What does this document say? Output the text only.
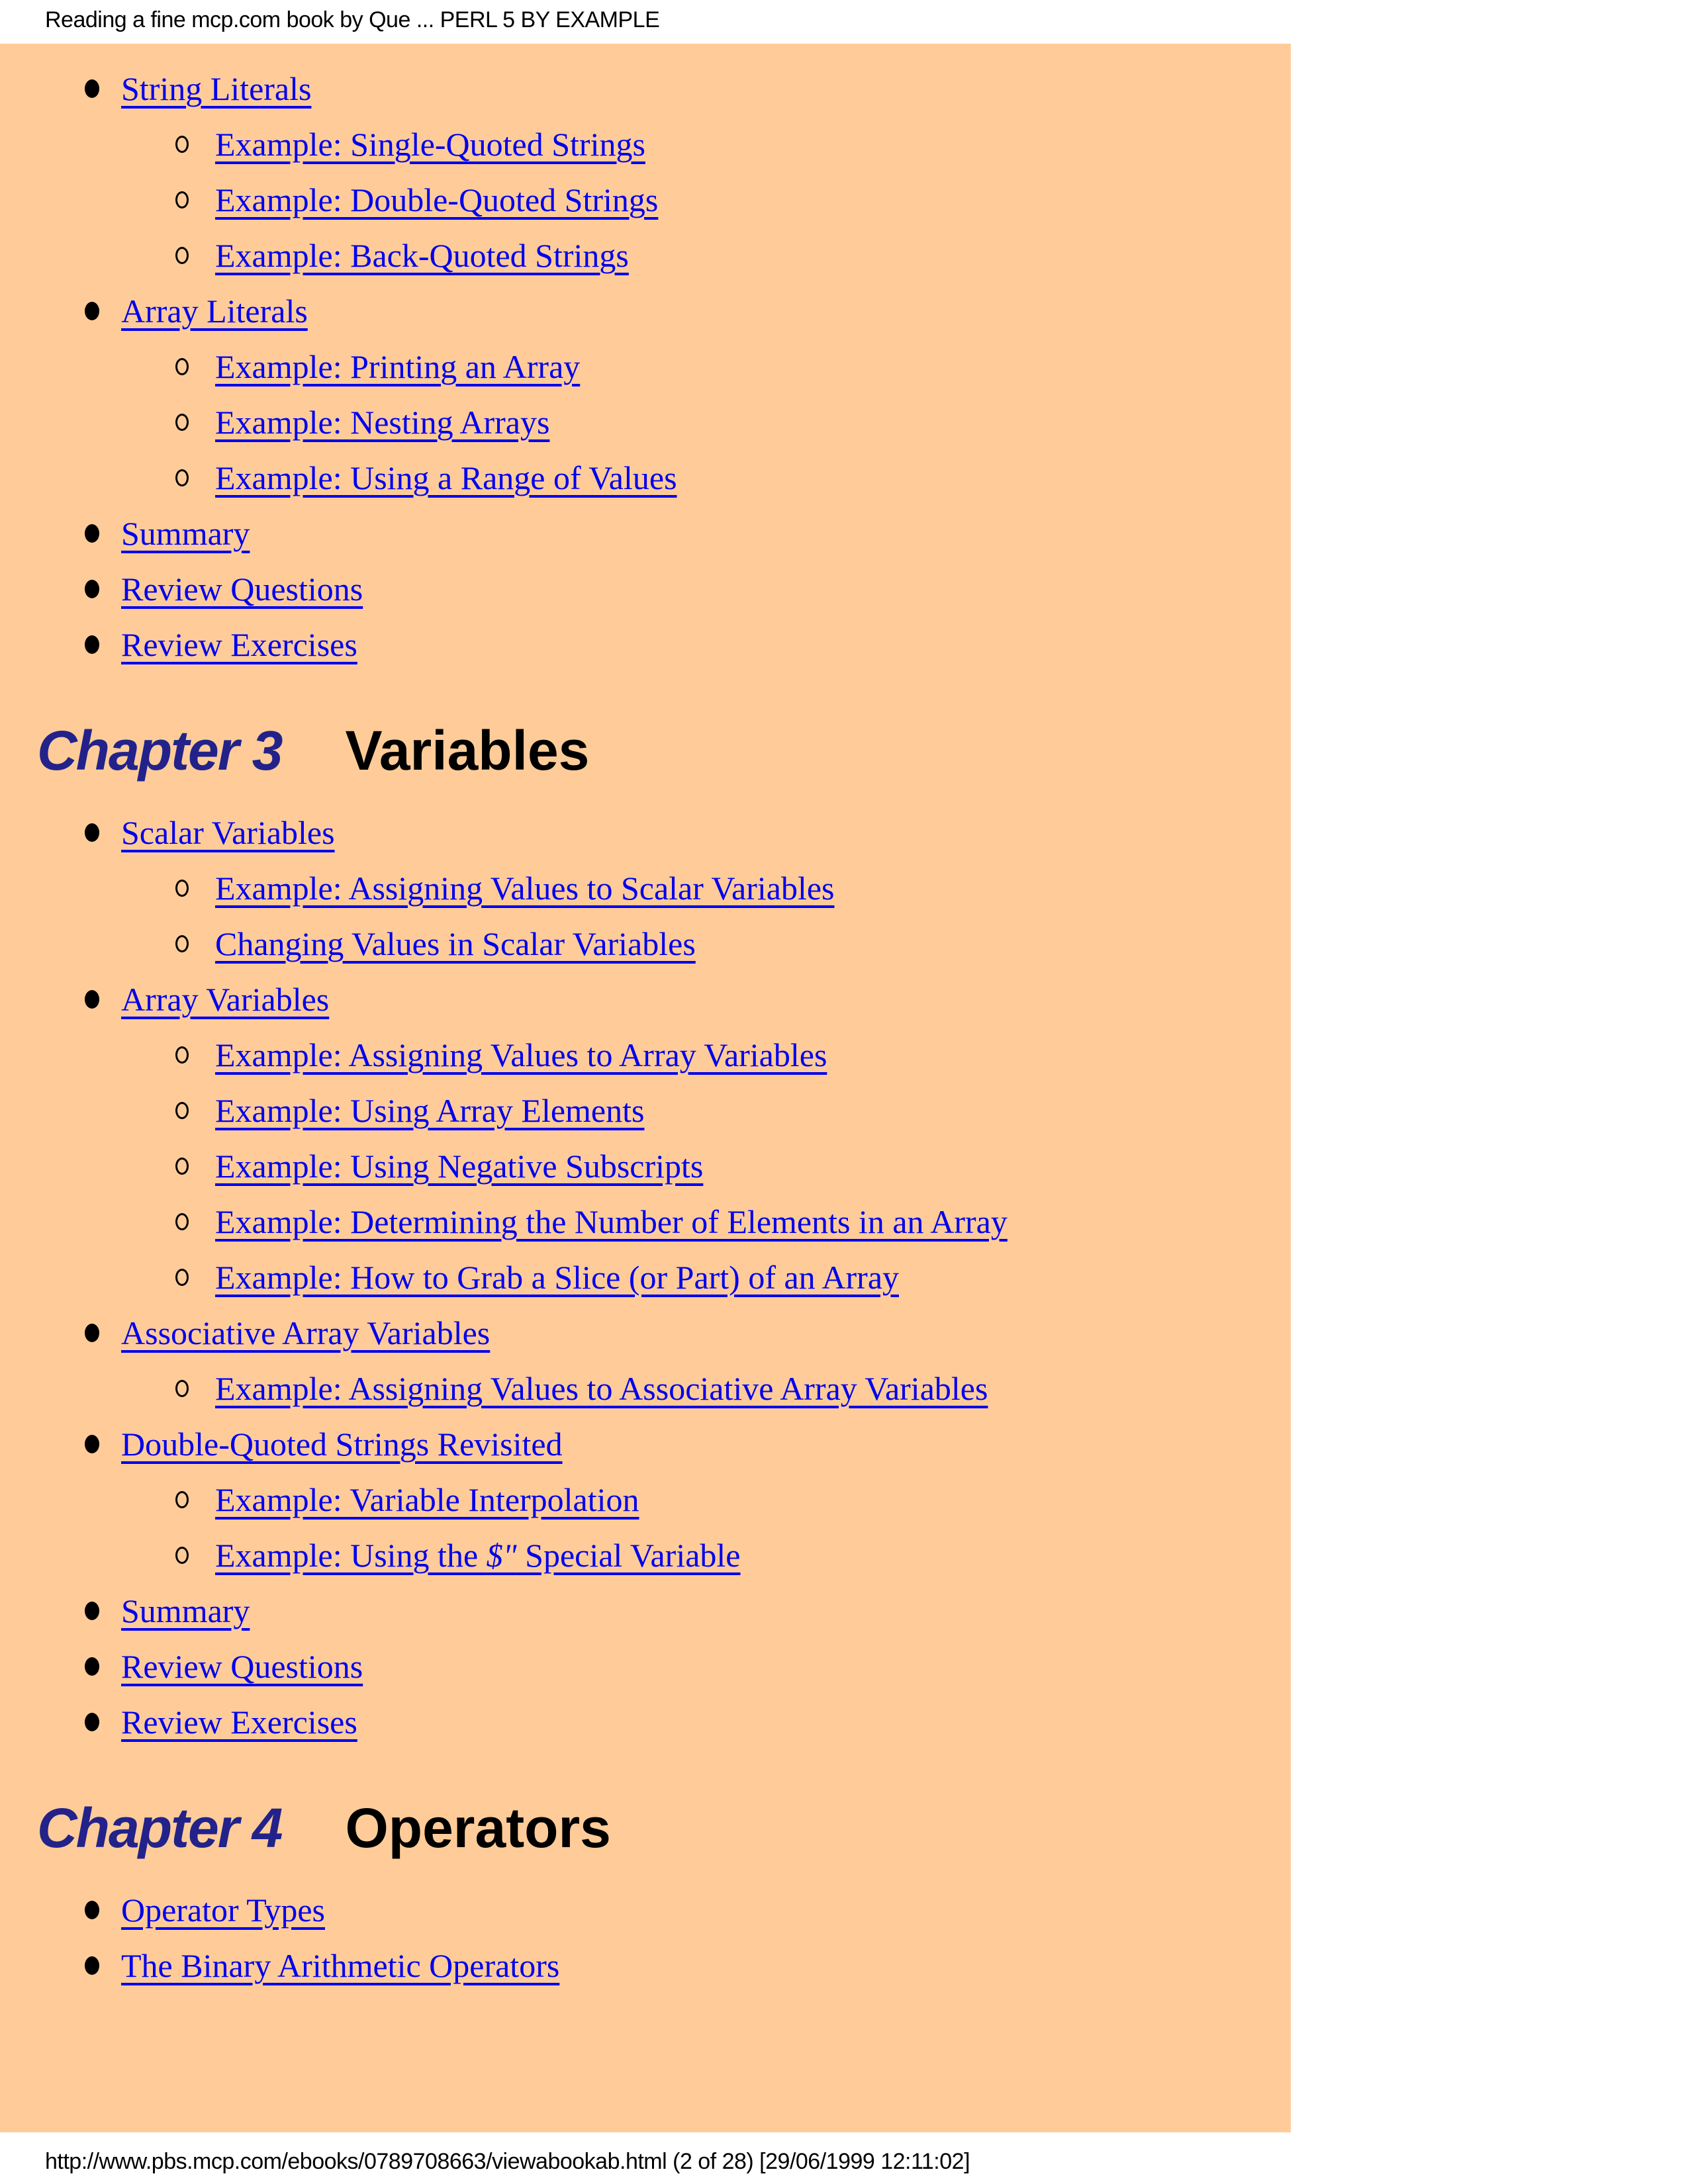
Reading a fine mcp.com book by Que ... PERL 5 BY EXAMPLE
String Literals
Example: Single-Quoted Strings
Example: Double-Quoted Strings
Example: Back-Quoted Strings
Array Literals
Example: Printing an Array
Example: Nesting Arrays
Example: Using a Range of Values
Summary
Review Questions
Review Exercises
Chapter 3 Variables
Scalar Variables
Example: Assigning Values to Scalar Variables
Changing Values in Scalar Variables
Array Variables
Example: Assigning Values to Array Variables
Example: Using Array Elements
Example: Using Negative Subscripts
Example: Determining the Number of Elements in an Array
Example: How to Grab a Slice (or Part) of an Array
Associative Array Variables
Example: Assigning Values to Associative Array Variables
Double-Quoted Strings Revisited
Example: Variable Interpolation
Example: Using the $" Special Variable
Summary
Review Questions
Review Exercises
Chapter 4 Operators
Operator Types
The Binary Arithmetic Operators
http://www.pbs.mcp.com/ebooks/0789708663/viewabookab.html (2 of 28) [29/06/1999 12:11:02]
